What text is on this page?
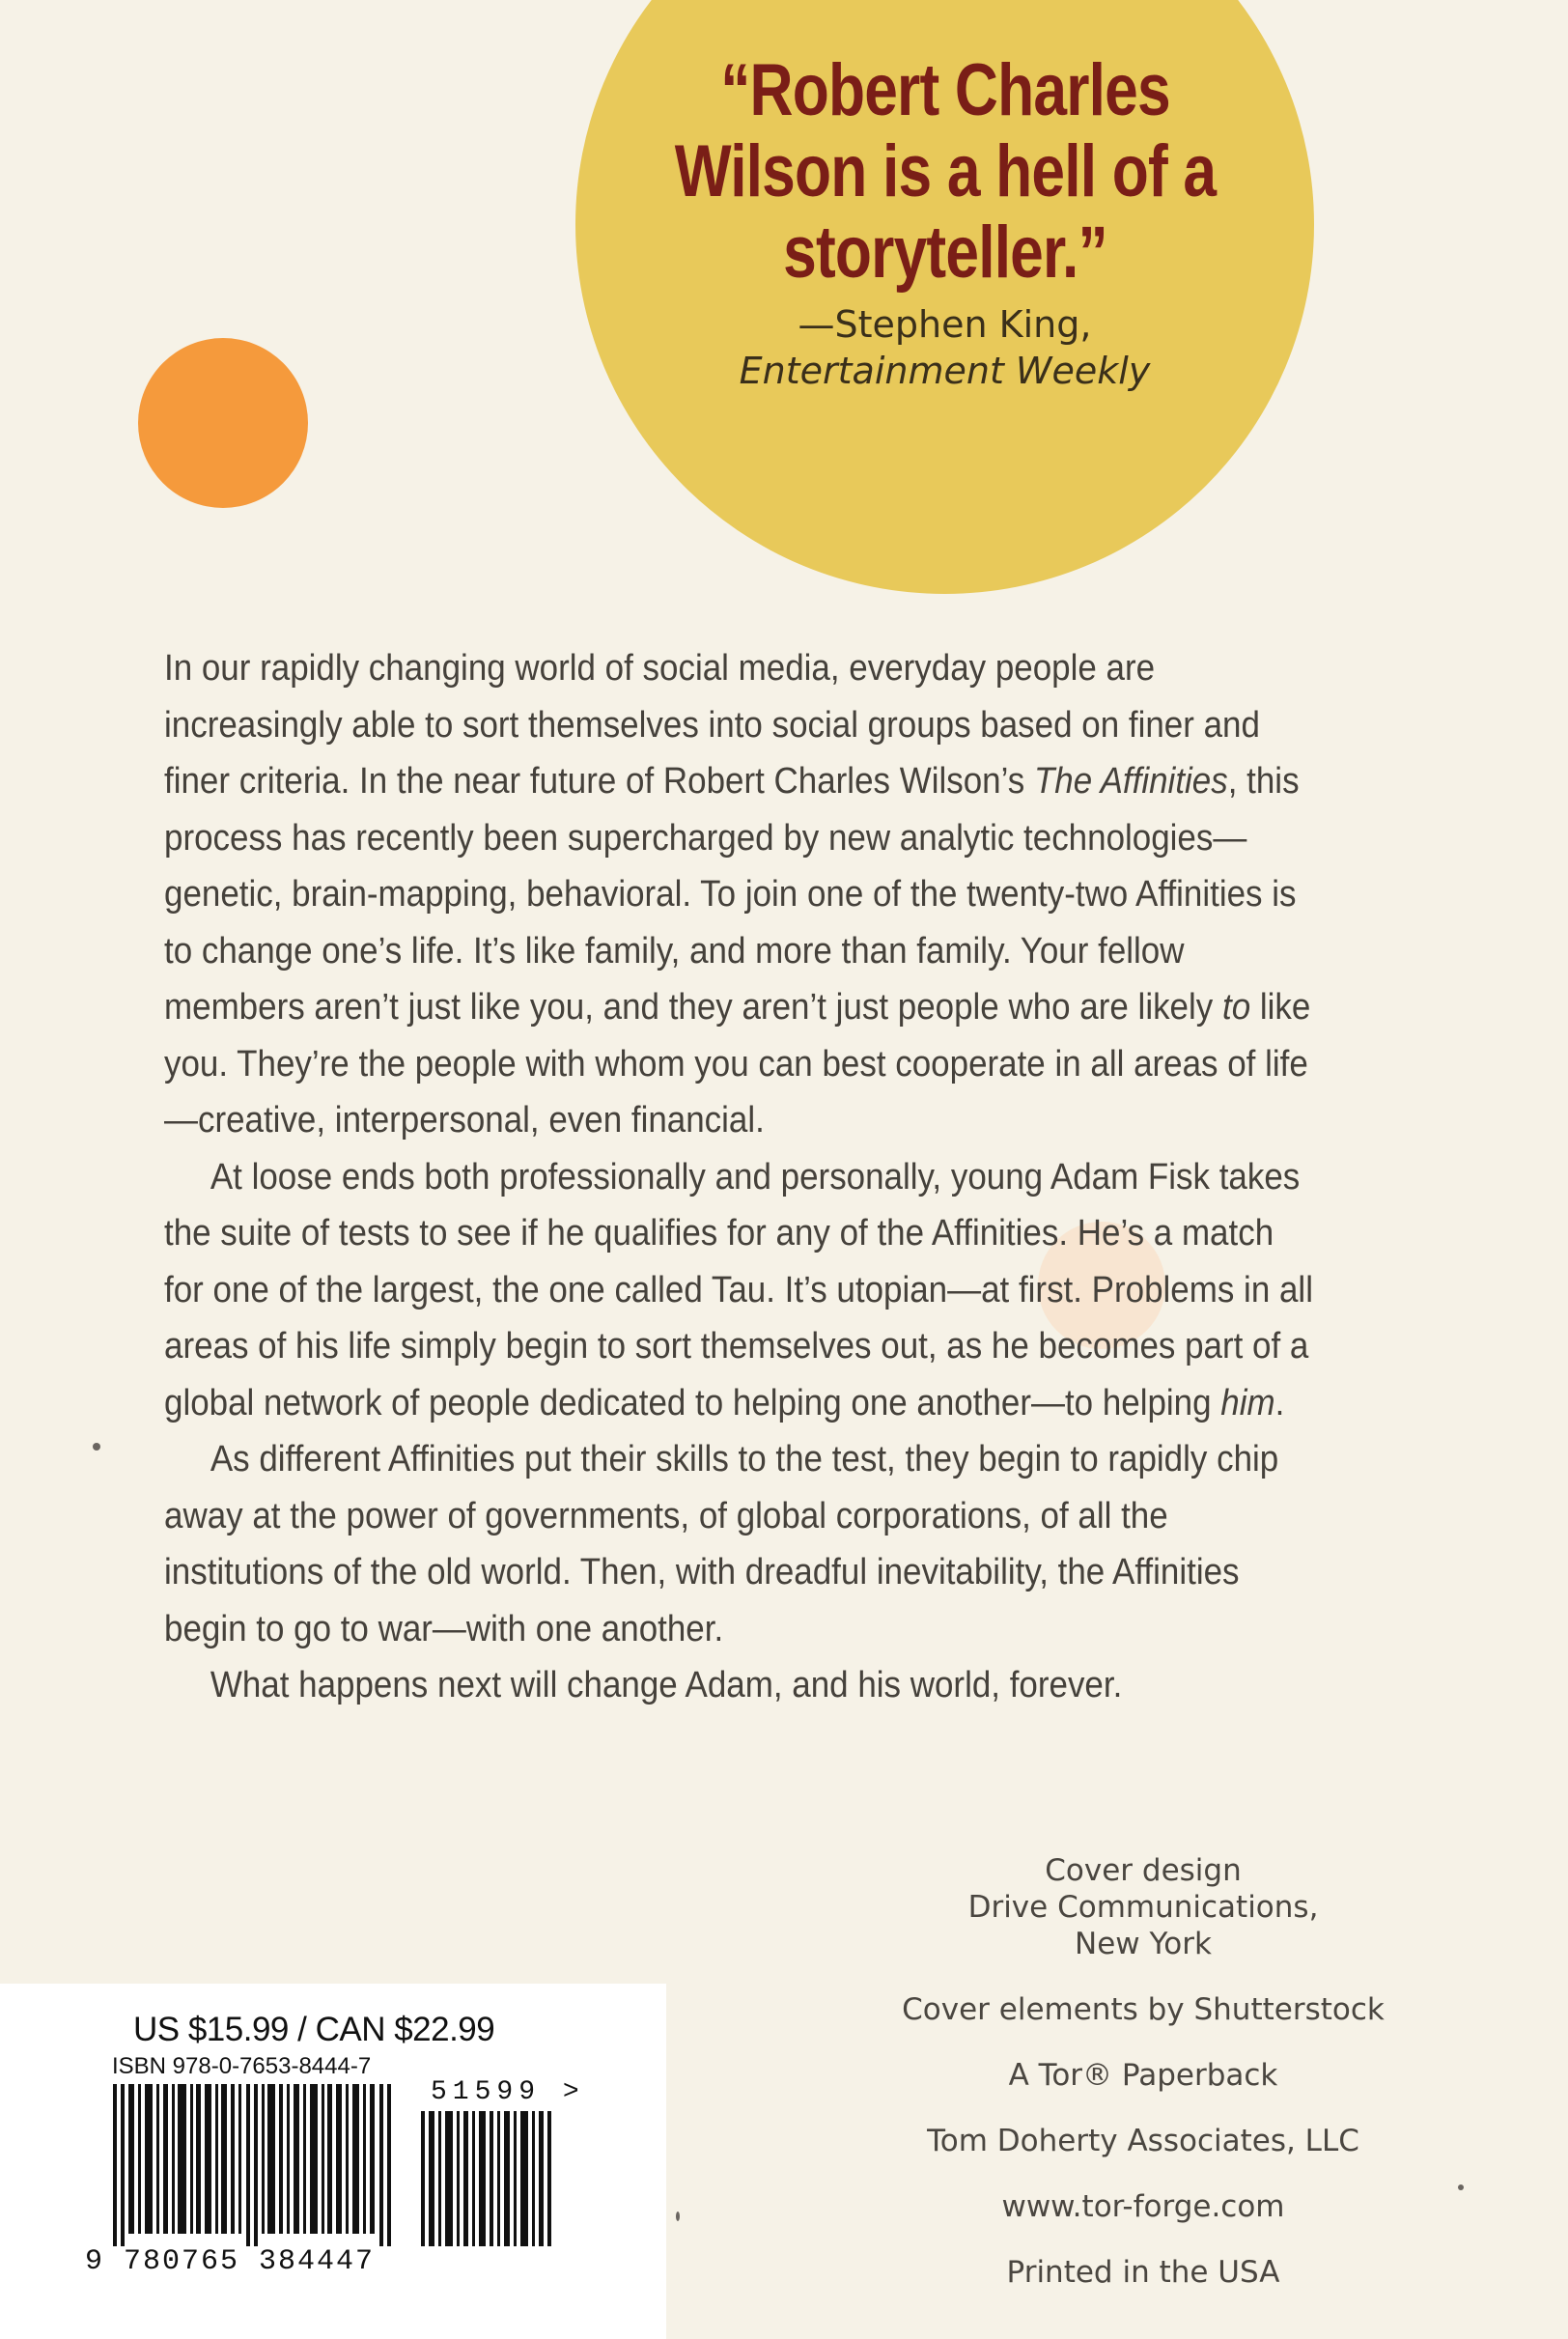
“Robert Charles
Wilson is a hell of a
storyteller.”
—Stephen King,
Entertainment Weekly

In our rapidly changing world of social media, everyday people are increasingly able to sort themselves into social groups based on finer and finer criteria. In the near future of Robert Charles Wilson’s The Affinities, this process has recently been supercharged by new analytic technologies—genetic, brain-mapping, behavioral. To join one of the twenty-two Affinities is to change one’s life. It’s like family, and more than family. Your fellow members aren’t just like you, and they aren’t just people who are likely to like you. They’re the people with whom you can best cooperate in all areas of life—creative, interpersonal, even financial.

At loose ends both professionally and personally, young Adam Fisk takes the suite of tests to see if he qualifies for any of the Affinities. He’s a match for one of the largest, the one called Tau. It’s utopian—at first. Problems in all areas of his life simply begin to sort themselves out, as he becomes part of a global network of people dedicated to helping one another—to helping him.

As different Affinities put their skills to the test, they begin to rapidly chip away at the power of governments, of global corporations, of all the institutions of the old world. Then, with dreadful inevitability, the Affinities begin to go to war—with one another.

What happens next will change Adam, and his world, forever.

Cover design
Drive Communications,
New York
Cover elements by Shutterstock
A Tor® Paperback
Tom Doherty Associates, LLC
www.tor-forge.com
Printed in the USA
US $15.99 / CAN $22.99
ISBN 978-0-7653-8444-7
51599 >
9 780765 384447
